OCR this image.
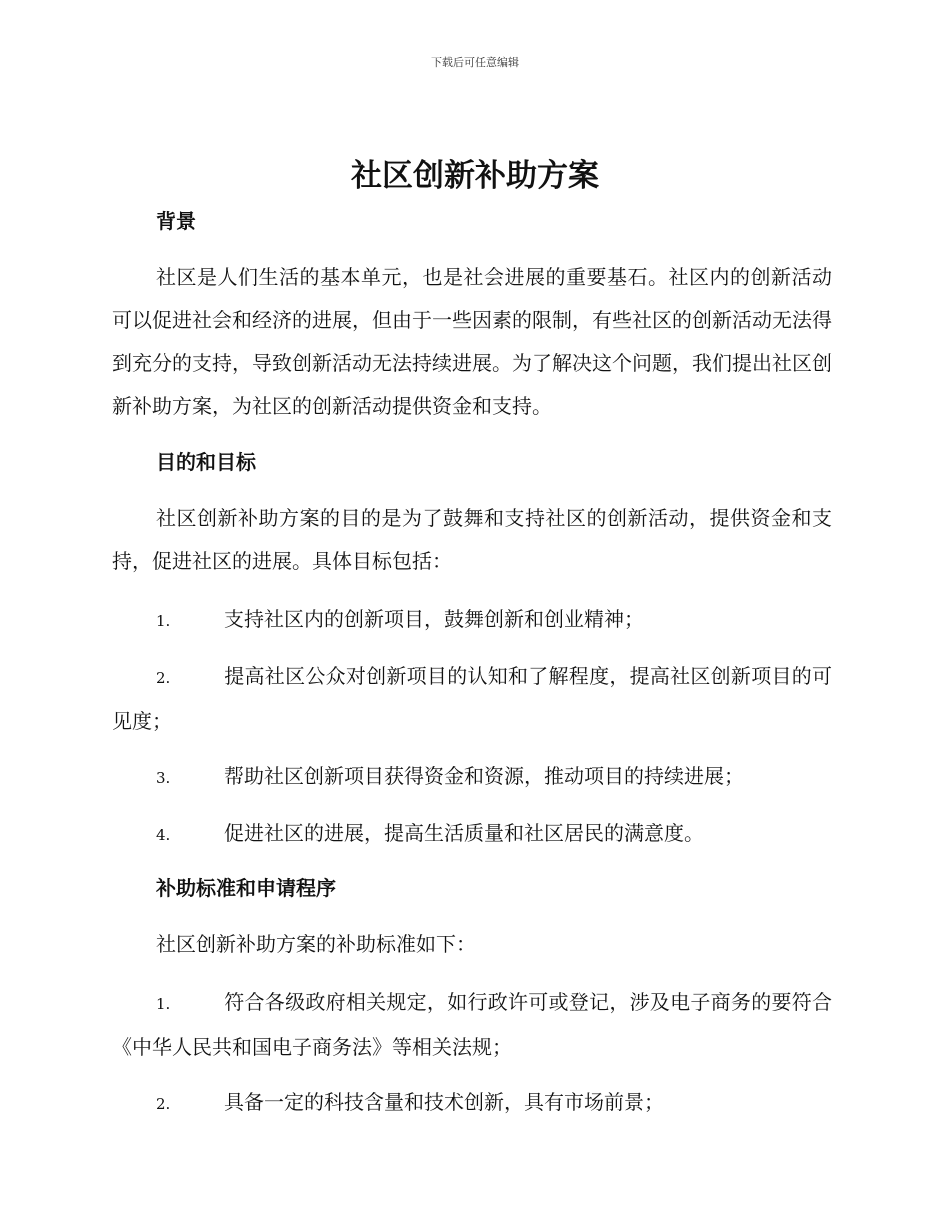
下载后可任意编辑
社区创新补助方案
背景

社区是人们生活的基本单元，也是社会进展的重要基石。社区内的创新活动可以促进社会和经济的进展，但由于一些因素的限制，有些社区的创新活动无法得到充分的支持，导致创新活动无法持续进展。为了解决这个问题，我们提出社区创新补助方案，为社区的创新活动提供资金和支持。

目的和目标

社区创新补助方案的目的是为了鼓舞和支持社区的创新活动，提供资金和支持，促进社区的进展。具体目标包括：

1.	支持社区内的创新项目，鼓舞创新和创业精神；

2.	提高社区公众对创新项目的认知和了解程度，提高社区创新项目的可见度；

3.	帮助社区创新项目获得资金和资源，推动项目的持续进展；

4.	促进社区的进展，提高生活质量和社区居民的满意度。

补助标准和申请程序

社区创新补助方案的补助标准如下：

1.	符合各级政府相关规定，如行政许可或登记，涉及电子商务的要符合《中华人民共和国电子商务法》等相关法规；

2.	具备一定的科技含量和技术创新，具有市场前景；
